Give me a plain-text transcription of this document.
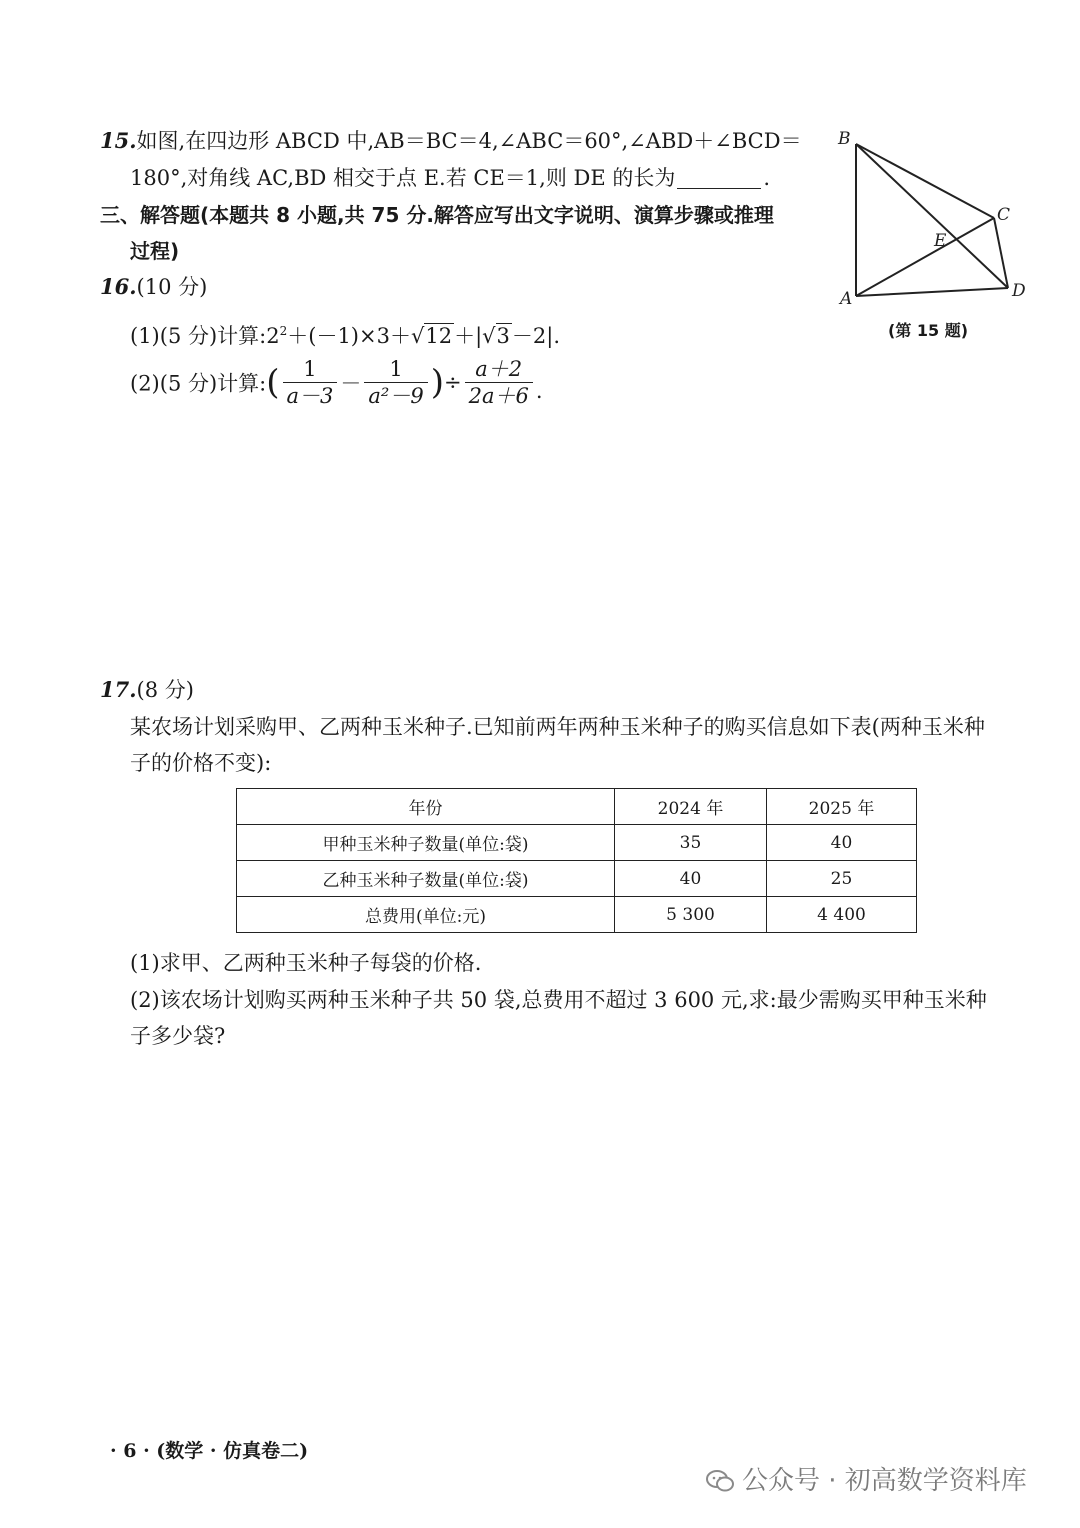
15.如图,在四边形 ABCD 中,AB＝BC＝4,∠ABC＝60°,∠ABD＋∠BCD＝
180°,对角线 AC,BD 相交于点 E.若 CE＝1,则 DE 的长为	.
三、解答题(本题共 8 小题,共 75 分.解答应写出文字说明、演算步骤或推理
过程)
16.(10 分)
(1)(5 分)计算$:2^2+(-1)\times 3+√12+|√3-2|$.
(2)(5 分)计算:( $\frac{1}{a-3} - \frac{1}{\text{a²－9}}$ )÷ $\frac{a+2}{2a+6}$ .
B
C
E
A	D
(第 15 题)
17.(8 分)
某农场计划采购甲、乙两种玉米种子.已知前两年两种玉米种子的购买信息如下表(两种玉米种
子的价格不变):
年份	2024 年	2025 年
甲种玉米种子数量(单位:袋)	35	40
乙种玉米种子数量(单位:袋)	40	25
总费用(单位:元)	5 300	4 400
(1)求甲、乙两种玉米种子每袋的价格.
(2)该农场计划购买两种玉米种子共 50 袋,总费用不超过 3 600 元,求:最少需购买甲种玉米种
子多少袋?
· 6 · (数学 · 仿真卷二)
公众号 · 初高数学资料库
